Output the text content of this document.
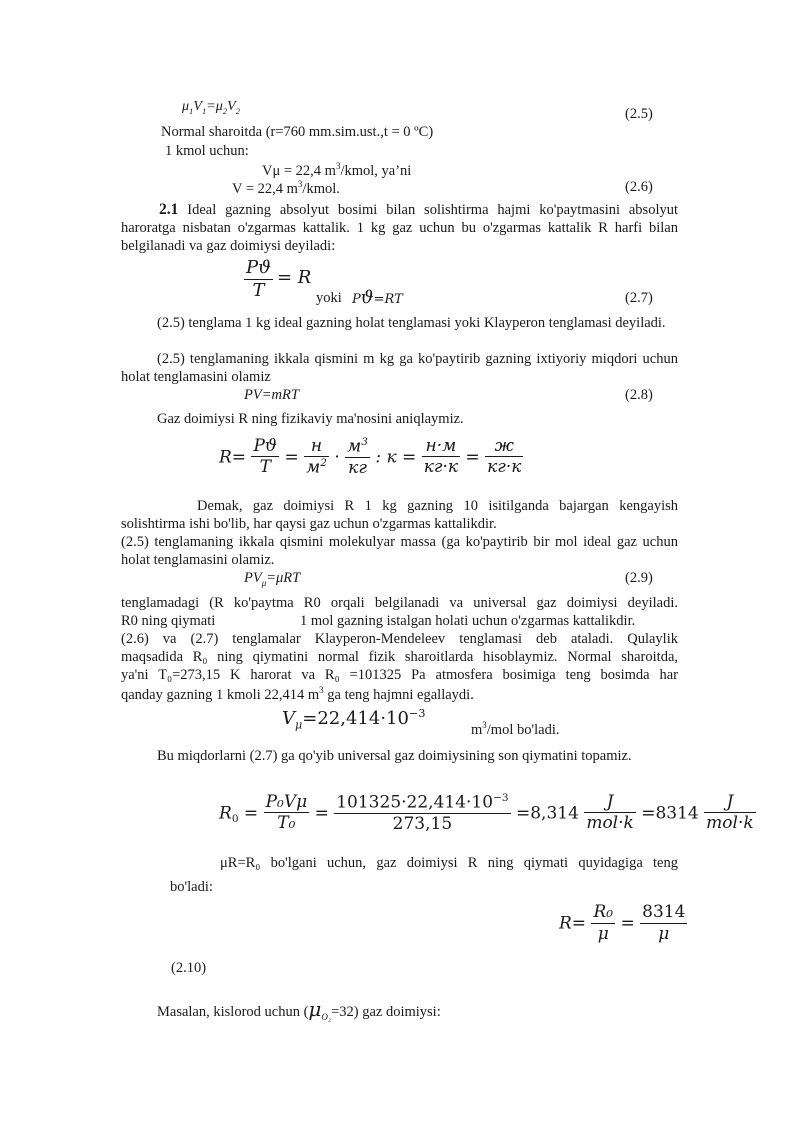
$\mu_1V_1=\mu_2V_2$	(2.5)
Normal sharoitda (r=760 mm.sim.ust.,t = 0 ºC)
1 kmol uchun:
Vμ = 22,4 $m^3$/kmol, ya’ni
V = 22,4 $m^3$/kmol.	(2.6)
2.1 Ideal gazning absolyut bosimi bilan solishtirma hajmi ko'paytmasini absolyut haroratga nisbatan o'zgarmas kattalik. 1 kg gaz uchun bu o'zgarmas kattalik R harfi bilan belgilanadi va gaz doimiysi deyiladi:
$\frac{Pϑ}{T} = R$
yoki Pϑ=RT	(2.7)
(2.5) tenglama 1 kg ideal gazning holat tenglamasi yoki Klayperon tenglamasi deyiladi.
(2.5) tenglamaning ikkala qismini m kg ga ko'paytirib gazning ixtiyoriy miqdori uchun holat tenglamasini olamiz
PV=mRT	(2.8)
Gaz doimiysi R ning fizikaviy ma'nosini aniqlaymiz.
$R= \frac{Pϑ}{T} = \frac{н}{м^2} \cdot \frac{м^3}{кг}$ : $к = \frac{н\cdot м}{кг\cdot к} = \frac{ж}{кг\cdot к}$
Demak, gaz doimiysi R 1 kg gazning 10 isitilganda bajargan kengayish solishtirma ishi bo'lib, har qaysi gaz uchun o'zgarmas kattalikdir.
(2.5) tenglamaning ikkala qismini molekulyar massa (ga ko'paytirib bir mol ideal gaz uchun holat tenglamasini olamiz.
$PV_\mu=\mu RT$	(2.9)
tenglamadagi (R ko'paytma R0 orqali belgilanadi va universal gaz doimiysi deyiladi.
R0 ning qiymati	1 mol gazning istalgan holati uchun o'zgarmas kattalikdir.
(2.6) va (2.7) tenglamalar Klayperon-Mendeleev tenglamasi deb ataladi. Qulaylik
maqsadida R₀ ning qiymatini normal fizik sharoitlarda hisoblaymiz. Normal sharoitda,
ya'ni T₀=273,15 K harorat va R₀ =101325 Pa atmosfera bosimiga teng bosimda har
qanday gazning 1 kmoli 22,414 $m^3$ ga teng hajmni egallaydi.
$V_\mu=22,414\cdot 10^{-3}$
$m^3$/mol bo'ladi.
Bu miqdorlarni (2.7) ga qo'yib universal gaz doimiysining son qiymatini topamiz.
$R_0 = \frac{\text{P₀Vμ}}{\text{T₀}} = \frac{101325\cdot 22,414\cdot 10^{-3}}{273,15} =8,314 \frac{J}{\text{mol·k}} =8314 \frac{J}{\text{mol·k}}$
μR=R₀ bo'lgani uchun, gaz doimiysi R ning qiymati quyidagiga teng
bo'ladi:
$R= \frac{\text{R₀}}{\mu} = \frac{8314}{\mu}$
(2.10)
Masalan, kislorod uchun $(\mu_{O_2}=32)$ gaz doimiysi:
